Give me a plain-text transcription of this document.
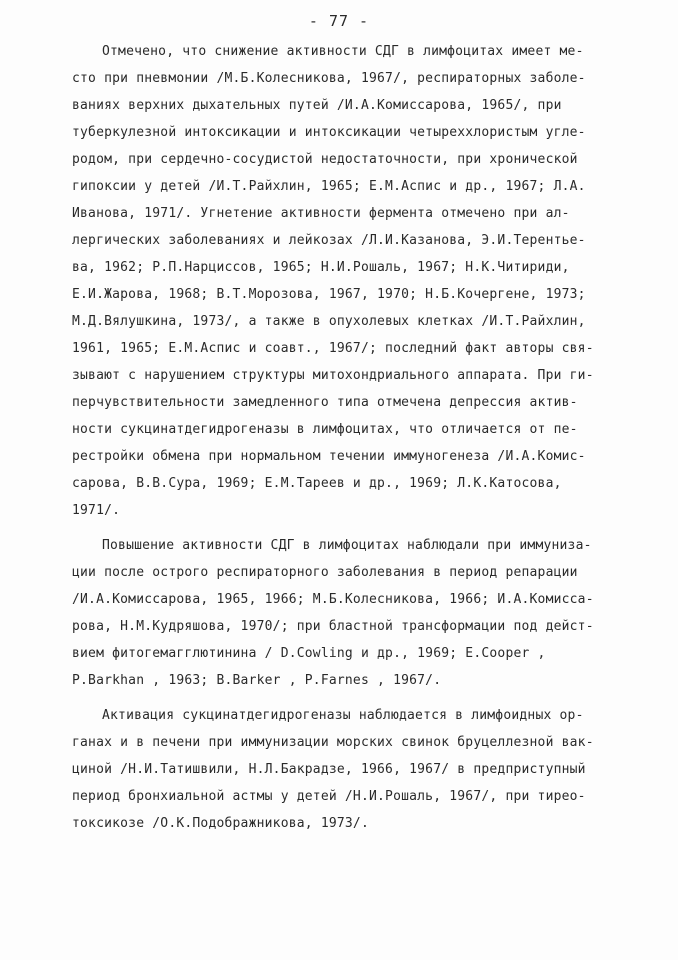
- 77 -
Отмечено, что снижение активности СДГ в лимфоцитах имеет ме-
сто при пневмонии /М.Б.Колесникова, 1967/, респираторных заболе-
ваниях верхних дыхательных путей /И.А.Комиссарова, 1965/, при
туберкулезной интоксикации и интоксикации четыреххлористым угле-
родом, при сердечно-сосудистой недостаточности, при хронической
гипоксии у детей /И.Т.Райхлин, 1965; Е.М.Аспис и др., 1967; Л.А.
Иванова, 1971/. Угнетение активности фермента отмечено при ал-
лергических заболеваниях и лейкозах /Л.И.Казанова, Э.И.Терентье-
ва, 1962; Р.П.Нарциссов, 1965; Н.И.Рошаль, 1967; Н.К.Читириди,
Е.И.Жарова, 1968; В.Т.Морозова, 1967, 1970; Н.Б.Кочергене, 1973;
М.Д.Вялушкина, 1973/, а также в опухолевых клетках /И.Т.Райхлин,
1961, 1965; Е.М.Аспис и соавт., 1967/; последний факт авторы свя-
зывают с нарушением структуры митохондриального аппарата. При ги-
перчувствительности замедленного типа отмечена депрессия актив-
ности сукцинатдегидрогеназы в лимфоцитах, что отличается от пе-
рестройки обмена при нормальном течении иммуногенеза /И.А.Комис-
сарова, В.В.Сура, 1969; Е.М.Тареев и др., 1969; Л.К.Катосова,
1971/.
Повышение активности СДГ в лимфоцитах наблюдали при иммуниза-
ции после острого респираторного заболевания в период репарации
/И.А.Комиссарова, 1965, 1966; М.Б.Колесникова, 1966; И.А.Комисса-
рова, Н.М.Кудряшова, 1970/; при бластной трансформации под дейст-
вием фитогемагглютинина / D.Cowling и др., 1969; E.Cooper ,
P.Barkhan , 1963; B.Barker , P.Farnes , 1967/.
Активация сукцинатдегидрогеназы наблюдается в лимфоидных ор-
ганах и в печени при иммунизации морских свинок бруцеллезной вак-
циной /Н.И.Татишвили, Н.Л.Бакрадзе, 1966, 1967/ в предприступный
период бронхиальной астмы у детей /Н.И.Рошаль, 1967/, при тирео-
токсикозе /О.К.Подображникова, 1973/.
